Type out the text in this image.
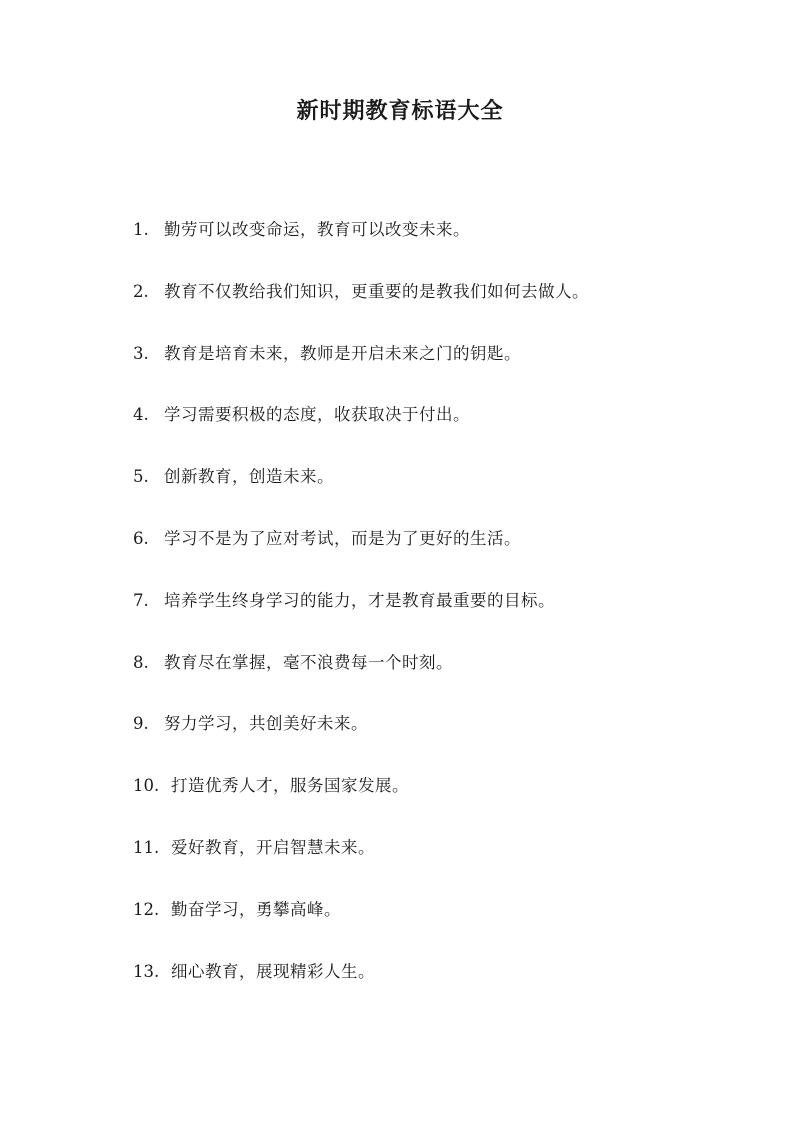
新时期教育标语大全
1. 勤劳可以改变命运，教育可以改变未来。
2. 教育不仅教给我们知识，更重要的是教我们如何去做人。
3. 教育是培育未来，教师是开启未来之门的钥匙。
4. 学习需要积极的态度，收获取决于付出。
5. 创新教育，创造未来。
6. 学习不是为了应对考试，而是为了更好的生活。
7. 培养学生终身学习的能力，才是教育最重要的目标。
8. 教育尽在掌握，毫不浪费每一个时刻。
9. 努力学习，共创美好未来。
10. 打造优秀人才，服务国家发展。
11. 爱好教育，开启智慧未来。
12. 勤奋学习，勇攀高峰。
13. 细心教育，展现精彩人生。
